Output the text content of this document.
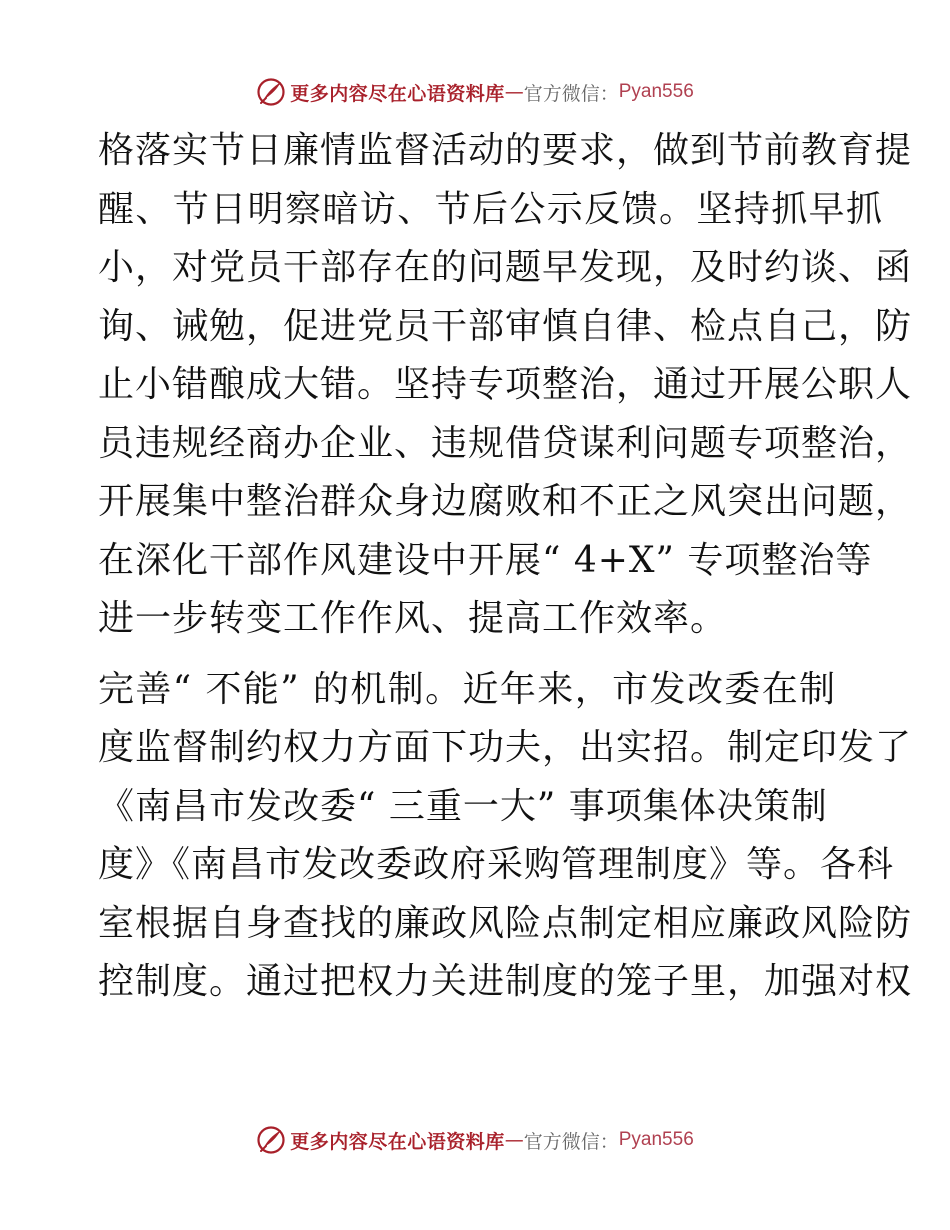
更多内容尽在心语资料库 — 官方微信： Pyan556
格落实节日廉情监督活动的要求，做到节前教育提
醒、节日明察暗访、节后公示反馈。坚持抓早抓
小，对党员干部存在的问题早发现，及时约谈、函
询、诫勉，促进党员干部审慎自律、检点自己，防
止小错酿成大错。坚持专项整治，通过开展公职人
员违规经商办企业、违规借贷谋利问题专项整治，
开展集中整治群众身边腐败和不正之风突出问题，
在深化干部作风建设中开展“ 4+X” 专项整治等
进一步转变工作作风、提高工作效率。
完善“ 不能” 的机制。近年来，市发改委在制
度监督制约权力方面下功夫，出实招。制定印发了
《南昌市发改委“ 三重一大” 事项集体决策制
度》《南昌市发改委政府采购管理制度》等。各科
室根据自身查找的廉政风险点制定相应廉政风险防
控制度。通过把权力关进制度的笼子里，加强对权
更多内容尽在心语资料库 — 官方微信： Pyan556
